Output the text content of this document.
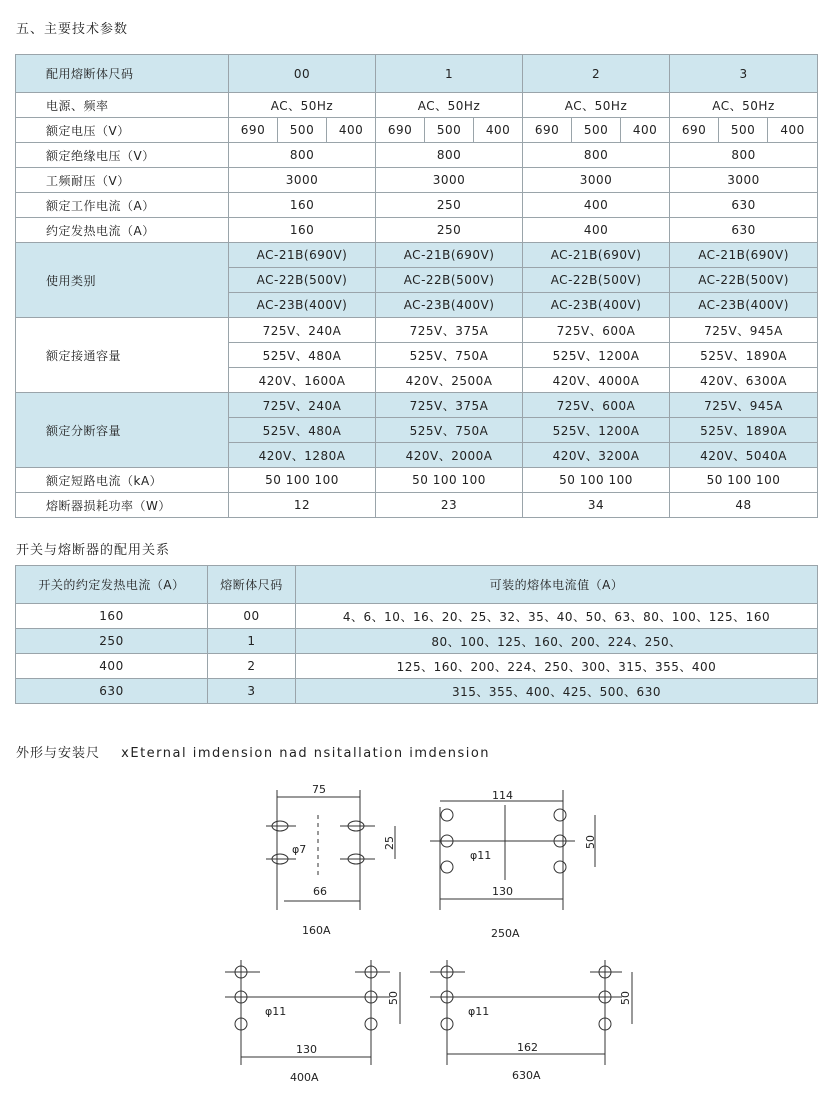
五、主要技术参数
配用熔断体尺码	00			1			2			3		
电源、频率	AC、50Hz			AC、50Hz			AC、50Hz			AC、50Hz		
额定电压（V）	690	500	400	690	500	400	690	500	400	690	500	400
额定绝缘电压（V）	800			800			800			800		
工频耐压（V）	3000			3000			3000			3000		
额定工作电流（A）	160			250			400			630		
约定发热电流（A）	160			250			400			630		
使用类别	AC-21B(690V)			AC-21B(690V)			AC-21B(690V)			AC-21B(690V)		
	AC-22B(500V)			AC-22B(500V)			AC-22B(500V)			AC-22B(500V)		
	AC-23B(400V)			AC-23B(400V)			AC-23B(400V)			AC-23B(400V)		
额定接通容量	725V、240A			725V、375A			725V、600A			725V、945A		
	525V、480A			525V、750A			525V、1200A			525V、1890A		
	420V、1600A			420V、2500A			420V、4000A			420V、6300A		
额定分断容量	725V、240A			725V、375A			725V、600A			725V、945A		
	525V、480A			525V、750A			525V、1200A			525V、1890A		
	420V、1280A			420V、2000A			420V、3200A			420V、5040A		
额定短路电流（kA）	50 100 100			50 100 100			50 100 100			50 100 100		
熔断器损耗功率（W）	12			23			34			48		
开关与熔断器的配用关系
开关的约定发热电流（A）	熔断体尺码	可装的熔体电流值（A）
160	00	4、6、10、16、20、25、32、35、40、50、63、80、100、125、160
250	1	80、100、125、160、200、224、250、
400	2	125、160、200、224、250、300、315、355、400
630	3	315、355、400、425、500、630
外形与安装尺 xEternal imdension nad nsitallation imdension
75
25
φ7
66
160A
114
50
φ11
130
250A
50
φ11
130
400A
50
φ11
162
630A
